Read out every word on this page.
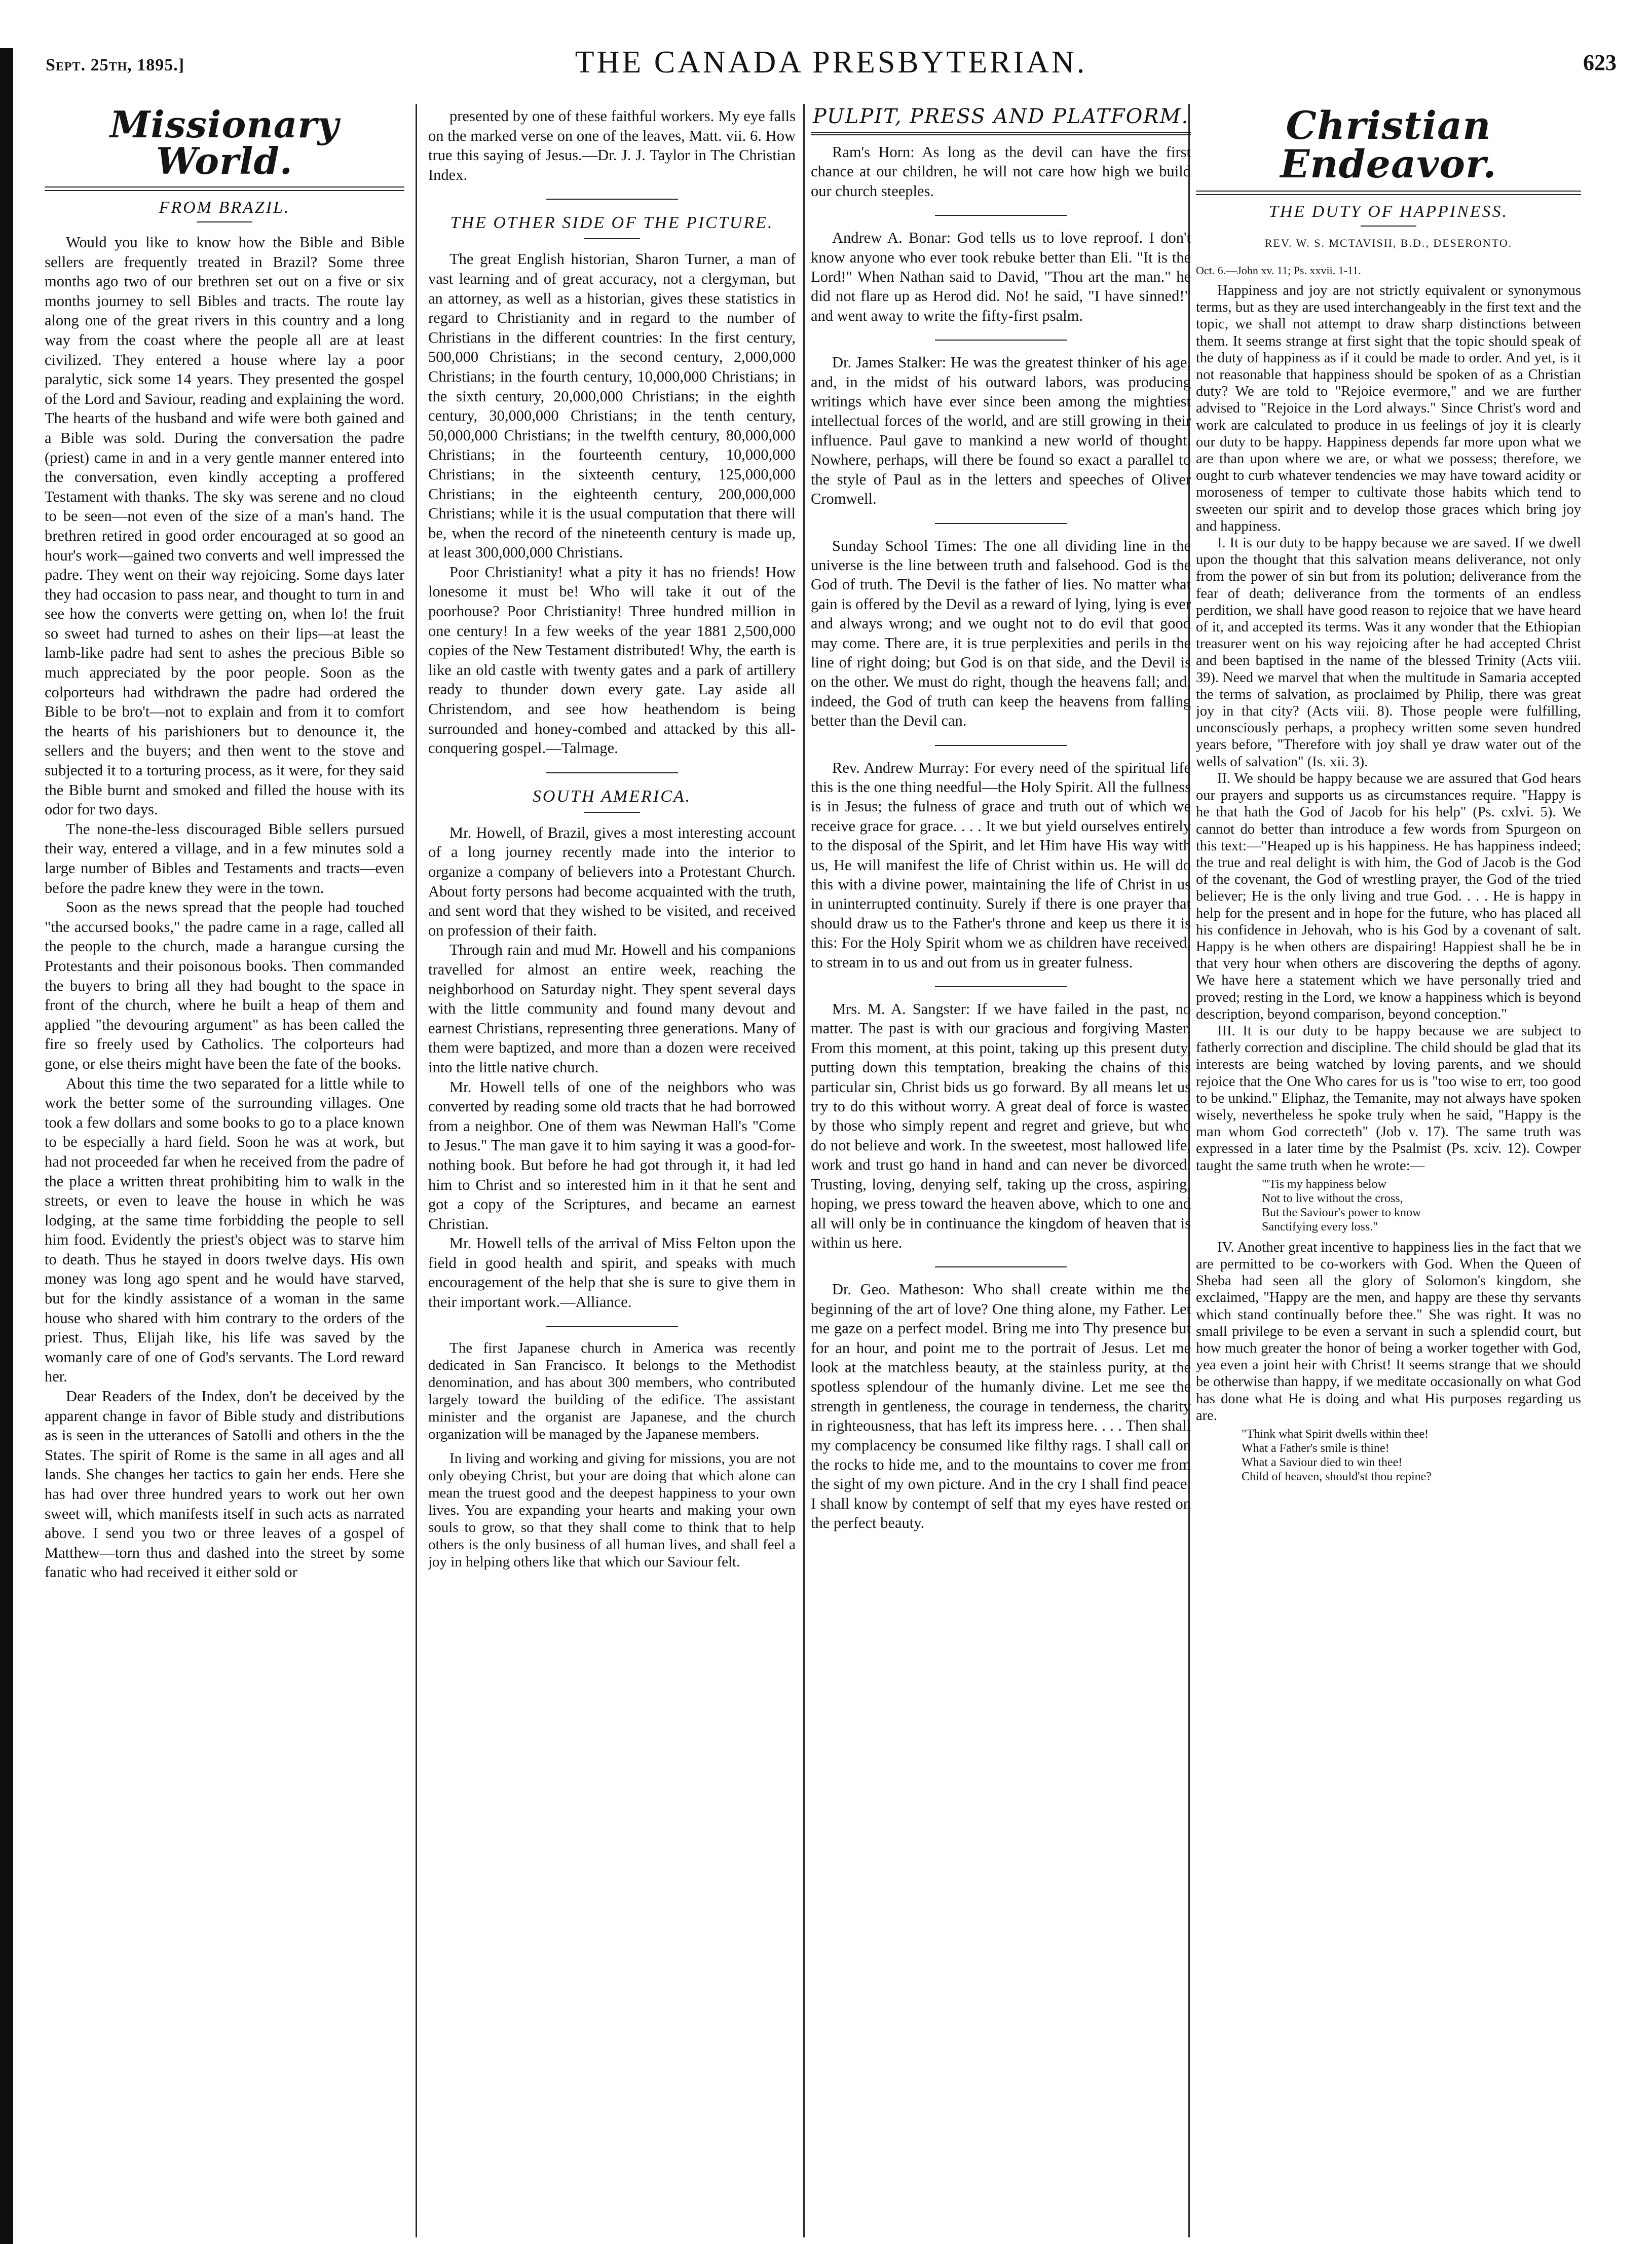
Sept. 25th, 1895.]	THE CANADA PRESBYTERIAN.	623
Missionary World.
FROM BRAZIL.

Would you like to know how the Bible and Bible sellers are frequently treated in Brazil? Some three months ago two of our brethren set out on a five or six months journey to sell Bibles and tracts. The route lay along one of the great rivers in this country and a long way from the coast where the people all are at least civilized. They entered a house where lay a poor paralytic, sick some 14 years. They presented the gospel of the Lord and Saviour, reading and explaining the word. The hearts of the husband and wife were both gained and a Bible was sold. During the conversation the padre (priest) came in and in a very gentle manner entered into the conversation, even kindly accepting a proffered Testament with thanks. The sky was serene and no cloud to be seen—not even of the size of a man's hand. The brethren retired in good order encouraged at so good an hour's work—gained two converts and well impressed the padre. They went on their way rejoicing. Some days later they had occasion to pass near, and thought to turn in and see how the converts were getting on, when lo! the fruit so sweet had turned to ashes on their lips—at least the lamb-like padre had sent to ashes the precious Bible so much appreciated by the poor people. Soon as the colporteurs had withdrawn the padre had ordered the Bible to be bro't—not to explain and from it to comfort the hearts of his parishioners but to denounce it, the sellers and the buyers; and then went to the stove and subjected it to a torturing process, as it were, for they said the Bible burnt and smoked and filled the house with its odor for two days.

The none-the-less discouraged Bible sellers pursued their way, entered a village, and in a few minutes sold a large number of Bibles and Testaments and tracts—even before the padre knew they were in the town.

Soon as the news spread that the people had touched "the accursed books," the padre came in a rage, called all the people to the church, made a harangue cursing the Protestants and their poisonous books. Then commanded the buyers to bring all they had bought to the space in front of the church, where he built a heap of them and applied "the devouring argument" as has been called the fire so freely used by Catholics. The colporteurs had gone, or else theirs might have been the fate of the books.

About this time the two separated for a little while to work the better some of the surrounding villages. One took a few dollars and some books to go to a place known to be especially a hard field. Soon he was at work, but had not proceeded far when he received from the padre of the place a written threat prohibiting him to walk in the streets, or even to leave the house in which he was lodging, at the same time forbidding the people to sell him food. Evidently the priest's object was to starve him to death. Thus he stayed in doors twelve days. His own money was long ago spent and he would have starved, but for the kindly assistance of a woman in the same house who shared with him contrary to the orders of the priest. Thus, Elijah like, his life was saved by the womanly care of one of God's servants. The Lord reward her.

Dear Readers of the Index, don't be deceived by the apparent change in favor of Bible study and distributions as is seen in the utterances of Satolli and others in the the States. The spirit of Rome is the same in all ages and all lands. She changes her tactics to gain her ends. Here she has had over three hundred years to work out her own sweet will, which manifests itself in such acts as narrated above. I send you two or three leaves of a gospel of Matthew—torn thus and dashed into the street by some fanatic who had received it either sold or

presented by one of these faithful workers. My eye falls on the marked verse on one of the leaves, Matt. vii. 6. How true this saying of Jesus.—Dr. J. J. Taylor in The Christian Index.

THE OTHER SIDE OF THE PICTURE.

The great English historian, Sharon Turner, a man of vast learning and of great accuracy, not a clergyman, but an attorney, as well as a historian, gives these statistics in regard to Christianity and in regard to the number of Christians in the different countries: In the first century, 500,000 Christians; in the second century, 2,000,000 Christians; in the fourth century, 10,000,000 Christians; in the sixth century, 20,000,000 Christians; in the eighth century, 30,000,000 Christians; in the tenth century, 50,000,000 Christians; in the twelfth century, 80,000,000 Christians; in the fourteenth century, 10,000,000 Christians; in the sixteenth century, 125,000,000 Christians; in the eighteenth century, 200,000,000 Christians; while it is the usual computation that there will be, when the record of the nineteenth century is made up, at least 300,000,000 Christians.

Poor Christianity! what a pity it has no friends! How lonesome it must be! Who will take it out of the poorhouse? Poor Christianity! Three hundred million in one century! In a few weeks of the year 1881 2,500,000 copies of the New Testament distributed! Why, the earth is like an old castle with twenty gates and a park of artillery ready to thunder down every gate. Lay aside all Christendom, and see how heathendom is being surrounded and honey-combed and attacked by this all-conquering gospel.—Talmage.

SOUTH AMERICA.

Mr. Howell, of Brazil, gives a most interesting account of a long journey recently made into the interior to organize a company of believers into a Protestant Church. About forty persons had become acquainted with the truth, and sent word that they wished to be visited, and received on profession of their faith.

Through rain and mud Mr. Howell and his companions travelled for almost an entire week, reaching the neighborhood on Saturday night. They spent several days with the little community and found many devout and earnest Christians, representing three generations. Many of them were baptized, and more than a dozen were received into the little native church.

Mr. Howell tells of one of the neighbors who was converted by reading some old tracts that he had borrowed from a neighbor. One of them was Newman Hall's "Come to Jesus." The man gave it to him saying it was a good-for-nothing book. But before he had got through it, it had led him to Christ and so interested him in it that he sent and got a copy of the Scriptures, and became an earnest Christian.

Mr. Howell tells of the arrival of Miss Felton upon the field in good health and spirit, and speaks with much encouragement of the help that she is sure to give them in their important work.—Alliance.

The first Japanese church in America was recently dedicated in San Francisco. It belongs to the Methodist denomination, and has about 300 members, who contributed largely toward the building of the edifice. The assistant minister and the organist are Japanese, and the church organization will be managed by the Japanese members.

In living and working and giving for missions, you are not only obeying Christ, but your are doing that which alone can mean the truest good and the deepest happiness to your own lives. You are expanding your hearts and making your own souls to grow, so that they shall come to think that to help others is the only business of all human lives, and shall feel a joy in helping others like that which our Saviour felt.

PULPIT, PRESS AND PLATFORM.

Ram's Horn: As long as the devil can have the first chance at our children, he will not care how high we build our church steeples.

Andrew A. Bonar: God tells us to love reproof. I don't know anyone who ever took rebuke better than Eli. "It is the Lord!" When Nathan said to David, "Thou art the man." he did not flare up as Herod did. No! he said, "I have sinned!" and went away to write the fifty-first psalm.

Dr. James Stalker: He was the greatest thinker of his age, and, in the midst of his outward labors, was producing writings which have ever since been among the mightiest intellectual forces of the world, and are still growing in their influence. Paul gave to mankind a new world of thought. Nowhere, perhaps, will there be found so exact a parallel to the style of Paul as in the letters and speeches of Oliver Cromwell.

Sunday School Times: The one all dividing line in the universe is the line between truth and falsehood. God is the God of truth. The Devil is the father of lies. No matter what gain is offered by the Devil as a reward of lying, lying is ever and always wrong; and we ought not to do evil that good may come. There are, it is true perplexities and perils in the line of right doing; but God is on that side, and the Devil is on the other. We must do right, though the heavens fall; and, indeed, the God of truth can keep the heavens from falling better than the Devil can.

Rev. Andrew Murray: For every need of the spiritual life this is the one thing needful—the Holy Spirit. All the fullness is in Jesus; the fulness of grace and truth out of which we receive grace for grace. . . . It we but yield ourselves entirely to the disposal of the Spirit, and let Him have His way with us, He will manifest the life of Christ within us. He will do this with a divine power, maintaining the life of Christ in us in uninterrupted continuity. Surely if there is one prayer that should draw us to the Father's throne and keep us there it is this: For the Holy Spirit whom we as children have received, to stream in to us and out from us in greater fulness.

Mrs. M. A. Sangster: If we have failed in the past, no matter. The past is with our gracious and forgiving Master. From this moment, at this point, taking up this present duty, putting down this temptation, breaking the chains of this particular sin, Christ bids us go forward. By all means let us try to do this without worry. A great deal of force is wasted by those who simply repent and regret and grieve, but who do not believe and work. In the sweetest, most hallowed life, work and trust go hand in hand and can never be divorced. Trusting, loving, denying self, taking up the cross, aspiring, hoping, we press toward the heaven above, which to one and all will only be in continuance the kingdom of heaven that is within us here.

Dr. Geo. Matheson: Who shall create within me the beginning of the art of love? One thing alone, my Father. Let me gaze on a perfect model. Bring me into Thy presence but for an hour, and point me to the portrait of Jesus. Let me look at the matchless beauty, at the stainless purity, at the spotless splendour of the humanly divine. Let me see the strength in gentleness, the courage in tenderness, the charity in righteousness, that has left its impress here. . . . Then shall my complacency be consumed like filthy rags. I shall call on the rocks to hide me, and to the mountains to cover me from the sight of my own picture. And in the cry I shall find peace. I shall know by contempt of self that my eyes have rested on the perfect beauty.

Christian Endeavor.
THE DUTY OF HAPPINESS.
REV. W. S. MCTAVISH, B.D., DESERONTO.
Oct. 6.—John xv. 11; Ps. xxvii. 1-11.

Happiness and joy are not strictly equivalent or synonymous terms, but as they are used interchangeably in the first text and the topic, we shall not attempt to draw sharp distinctions between them. It seems strange at first sight that the topic should speak of the duty of happiness as if it could be made to order. And yet, is it not reasonable that happiness should be spoken of as a Christian duty? We are told to "Rejoice evermore," and we are further advised to "Rejoice in the Lord always." Since Christ's word and work are calculated to produce in us feelings of joy it is clearly our duty to be happy. Happiness depends far more upon what we are than upon where we are, or what we possess; therefore, we ought to curb whatever tendencies we may have toward acidity or moroseness of temper to cultivate those habits which tend to sweeten our spirit and to develop those graces which bring joy and happiness.

I. It is our duty to be happy because we are saved. If we dwell upon the thought that this salvation means deliverance, not only from the power of sin but from its polution; deliverance from the fear of death; deliverance from the torments of an endless perdition, we shall have good reason to rejoice that we have heard of it, and accepted its terms. Was it any wonder that the Ethiopian treasurer went on his way rejoicing after he had accepted Christ and been baptised in the name of the blessed Trinity (Acts viii. 39). Need we marvel that when the multitude in Samaria accepted the terms of salvation, as proclaimed by Philip, there was great joy in that city? (Acts viii. 8). Those people were fulfilling, unconsciously perhaps, a prophecy written some seven hundred years before, "Therefore with joy shall ye draw water out of the wells of salvation" (Is. xii. 3).

II. We should be happy because we are assured that God hears our prayers and supports us as circumstances require. "Happy is he that hath the God of Jacob for his help" (Ps. cxlvi. 5). We cannot do better than introduce a few words from Spurgeon on this text:—"Heaped up is his happiness. He has happiness indeed; the true and real delight is with him, the God of Jacob is the God of the covenant, the God of wrestling prayer, the God of the tried believer; He is the only living and true God. . . . He is happy in help for the present and in hope for the future, who has placed all his confidence in Jehovah, who is his God by a covenant of salt. Happy is he when others are dispairing! Happiest shall he be in that very hour when others are discovering the depths of agony. We have here a statement which we have personally tried and proved; resting in the Lord, we know a happiness which is beyond description, beyond comparison, beyond conception."

III. It is our duty to be happy because we are subject to fatherly correction and discipline. The child should be glad that its interests are being watched by loving parents, and we should rejoice that the One Who cares for us is "too wise to err, too good to be unkind." Eliphaz, the Temanite, may not always have spoken wisely, nevertheless he spoke truly when he said, "Happy is the man whom God correcteth" (Job v. 17). The same truth was expressed in a later time by the Psalmist (Ps. xciv. 12). Cowper taught the same truth when he wrote:—

"'Tis my happiness below
Not to live without the cross,
But the Saviour's power to know
Sanctifying every loss."

IV. Another great incentive to happiness lies in the fact that we are permitted to be co-workers with God. When the Queen of Sheba had seen all the glory of Solomon's kingdom, she exclaimed, "Happy are the men, and happy are these thy servants which stand continually before thee." She was right. It was no small privilege to be even a servant in such a splendid court, but how much greater the honor of being a worker together with God, yea even a joint heir with Christ! It seems strange that we should be otherwise than happy, if we meditate occasionally on what God has done what He is doing and what His purposes regarding us are.

"Think what Spirit dwells within thee!
What a Father's smile is thine!
What a Saviour died to win thee!
Child of heaven, should'st thou repine?
